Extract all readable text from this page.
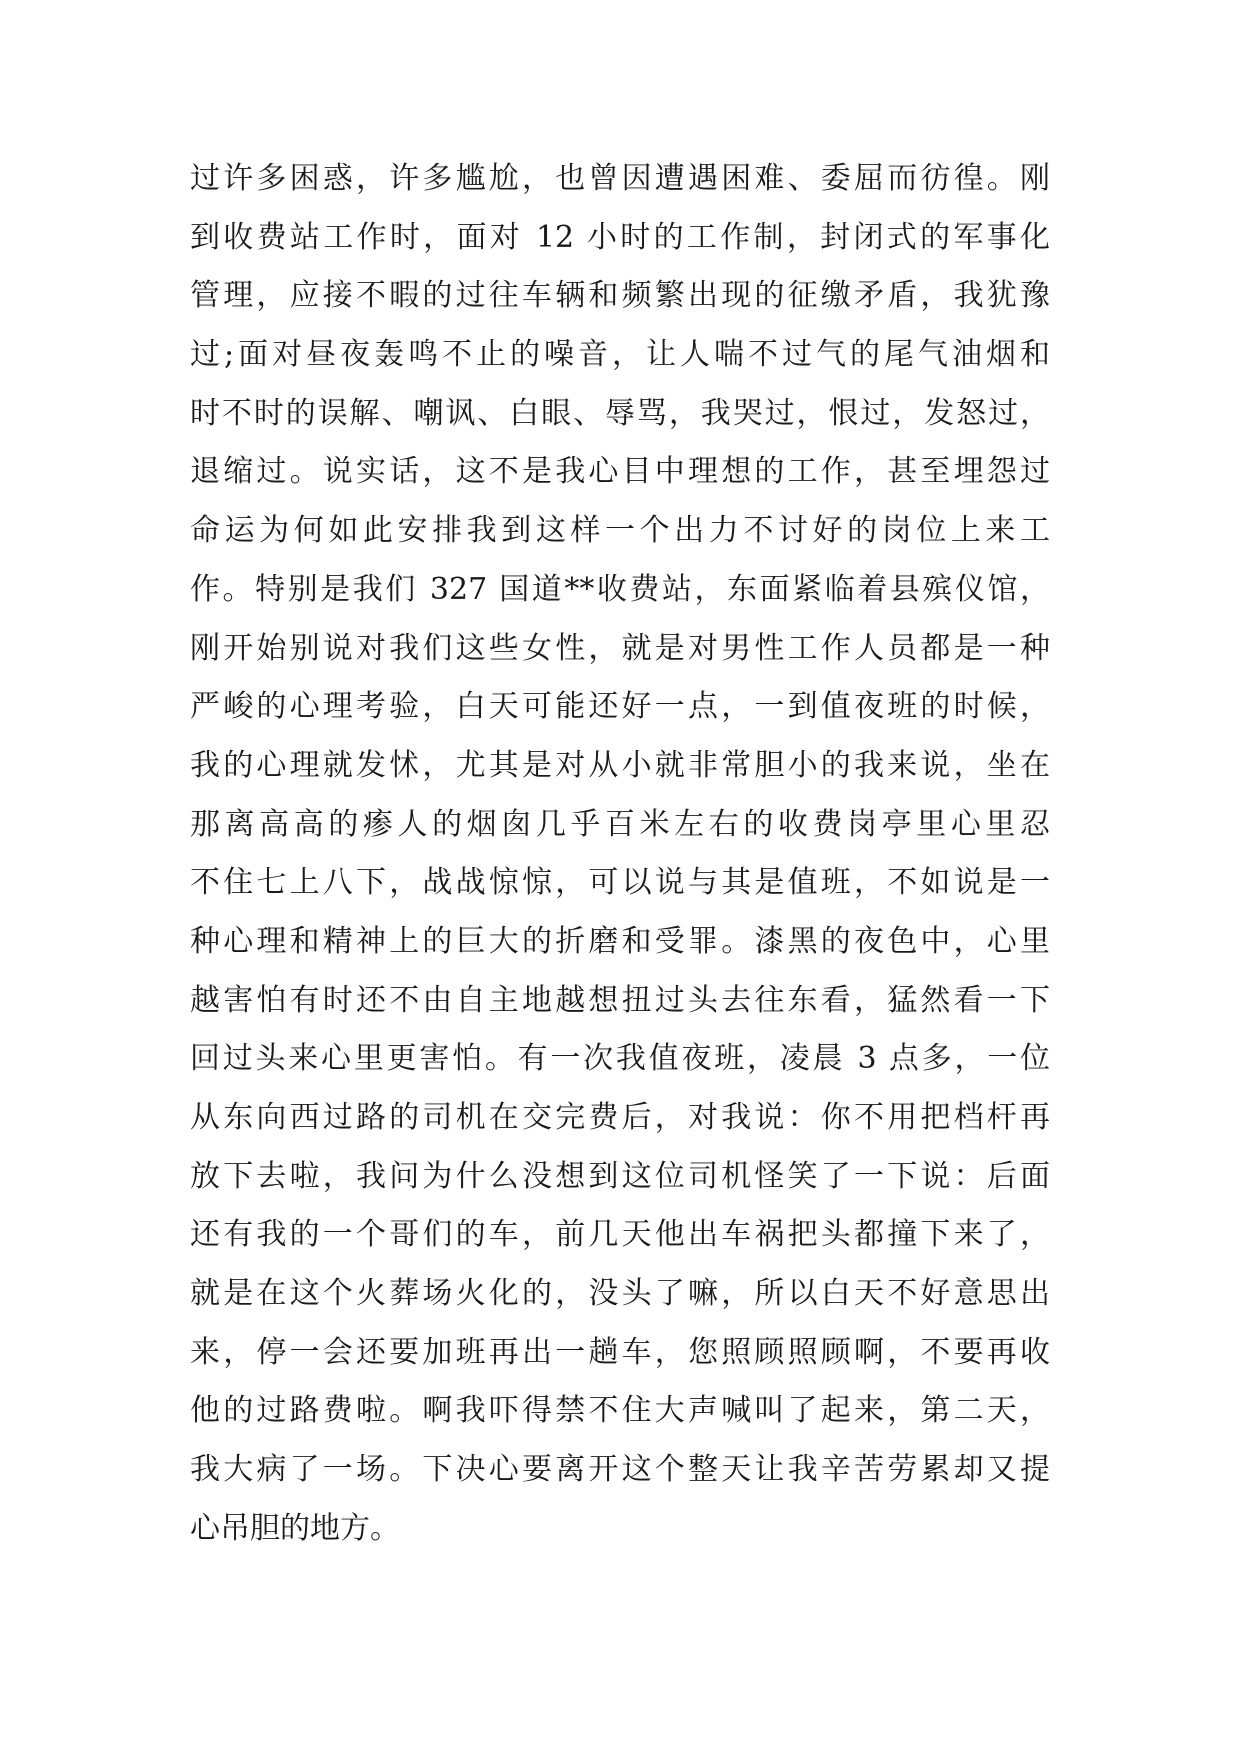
过许多困惑，许多尴尬，也曾因遭遇困难、委屈而彷徨。刚
到收费站工作时，面对 12 小时的工作制，封闭式的军事化
管理，应接不暇的过往车辆和频繁出现的征缴矛盾，我犹豫
过;面对昼夜轰鸣不止的噪音，让人喘不过气的尾气油烟和
时不时的误解、嘲讽、白眼、辱骂，我哭过，恨过，发怒过，
退缩过。说实话，这不是我心目中理想的工作，甚至埋怨过
命运为何如此安排我到这样一个出力不讨好的岗位上来工
作。特别是我们 327 国道**收费站，东面紧临着县殡仪馆，
刚开始别说对我们这些女性，就是对男性工作人员都是一种
严峻的心理考验，白天可能还好一点，一到值夜班的时候，
我的心理就发怵，尤其是对从小就非常胆小的我来说，坐在
那离高高的瘆人的烟囱几乎百米左右的收费岗亭里心里忍
不住七上八下，战战惊惊，可以说与其是值班，不如说是一
种心理和精神上的巨大的折磨和受罪。漆黑的夜色中，心里
越害怕有时还不由自主地越想扭过头去往东看，猛然看一下
回过头来心里更害怕。有一次我值夜班，凌晨 3 点多，一位
从东向西过路的司机在交完费后，对我说：你不用把档杆再
放下去啦，我问为什么没想到这位司机怪笑了一下说：后面
还有我的一个哥们的车，前几天他出车祸把头都撞下来了，
就是在这个火葬场火化的，没头了嘛，所以白天不好意思出
来，停一会还要加班再出一趟车，您照顾照顾啊，不要再收
他的过路费啦。啊我吓得禁不住大声喊叫了起来，第二天，
我大病了一场。下决心要离开这个整天让我辛苦劳累却又提
心吊胆的地方。
